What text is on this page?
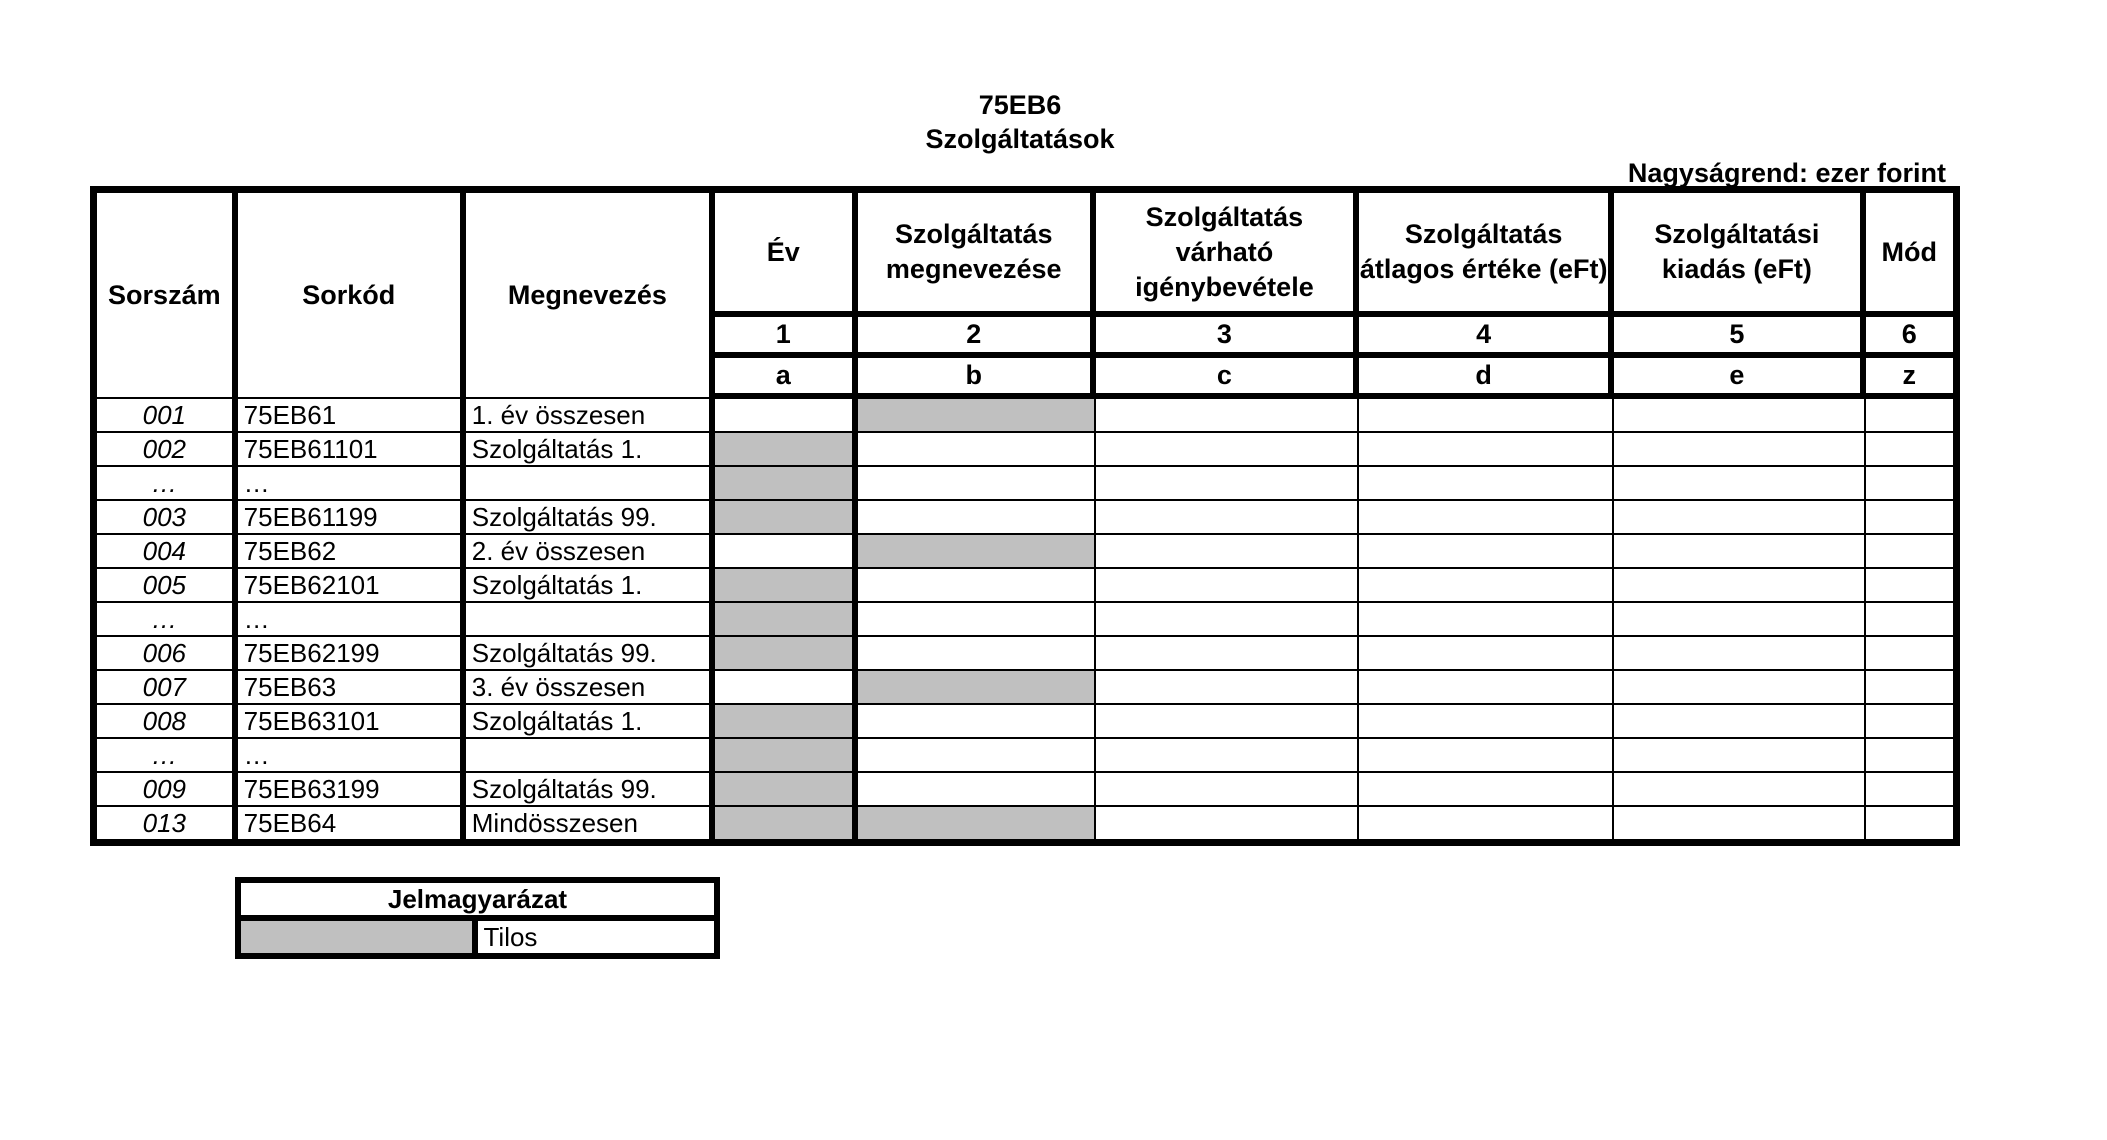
75EB6
Szolgáltatások
Nagyságrend: ezer forint
Sorszám	Sorkód	Megnevezés	Év	Szolgáltatás megnevezése	Szolgáltatás várható igénybevétele	Szolgáltatás átlagos értéke (eFt)	Szolgáltatási kiadás (eFt)	Mód
			1	2	3	4	5	6
			a	b	c	d	e	z
001	75EB61	1. év összesen						
002	75EB61101	Szolgáltatás 1.						
…	…							
003	75EB61199	Szolgáltatás 99.						
004	75EB62	2. év összesen						
005	75EB62101	Szolgáltatás 1.						
…	…							
006	75EB62199	Szolgáltatás 99.						
007	75EB63	3. év összesen						
008	75EB63101	Szolgáltatás 1.						
…	…							
009	75EB63199	Szolgáltatás 99.						
013	75EB64	Mindösszesen						
Jelmagyarázat
	Tilos
